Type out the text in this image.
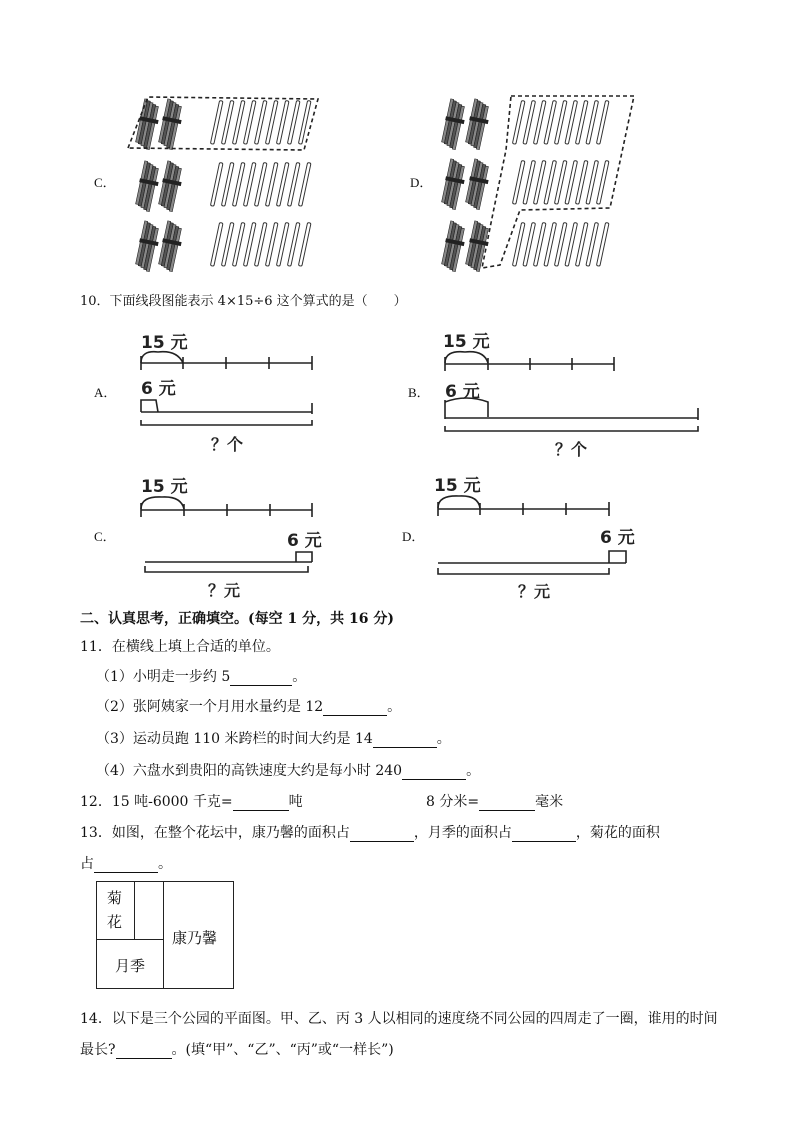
C．	D．
10．下面线段图能表示 4×15÷6 这个算式的是（　　）
A．	B．
C．	D．
15 元
6 元
？个
15 元
6 元
？个
15 元
6 元
？元
15 元
6 元
？元
二、认真思考，正确填空。(每空 1 分，共 16 分)
11．在横线上填上合适的单位。
（1）小明走一步约 5	。
（2）张阿姨家一个月用水量约是 12	。
（3）运动员跑 110 米跨栏的时间大约是 14	。
（4）六盘水到贵阳的高铁速度大约是每小时 240	。
12．15 吨-6000 千克=	吨	8 分米=	毫米
13．如图，在整个花坛中，康乃馨的面积占	，月季的面积占	，菊花的面积
占	。
菊
花
月季
康乃馨
14．以下是三个公园的平面图。甲、乙、丙 3 人以相同的速度绕不同公园的四周走了一圈，谁用的时间
最长?	。(填“甲”、“乙”、“丙”或“一样长”)
